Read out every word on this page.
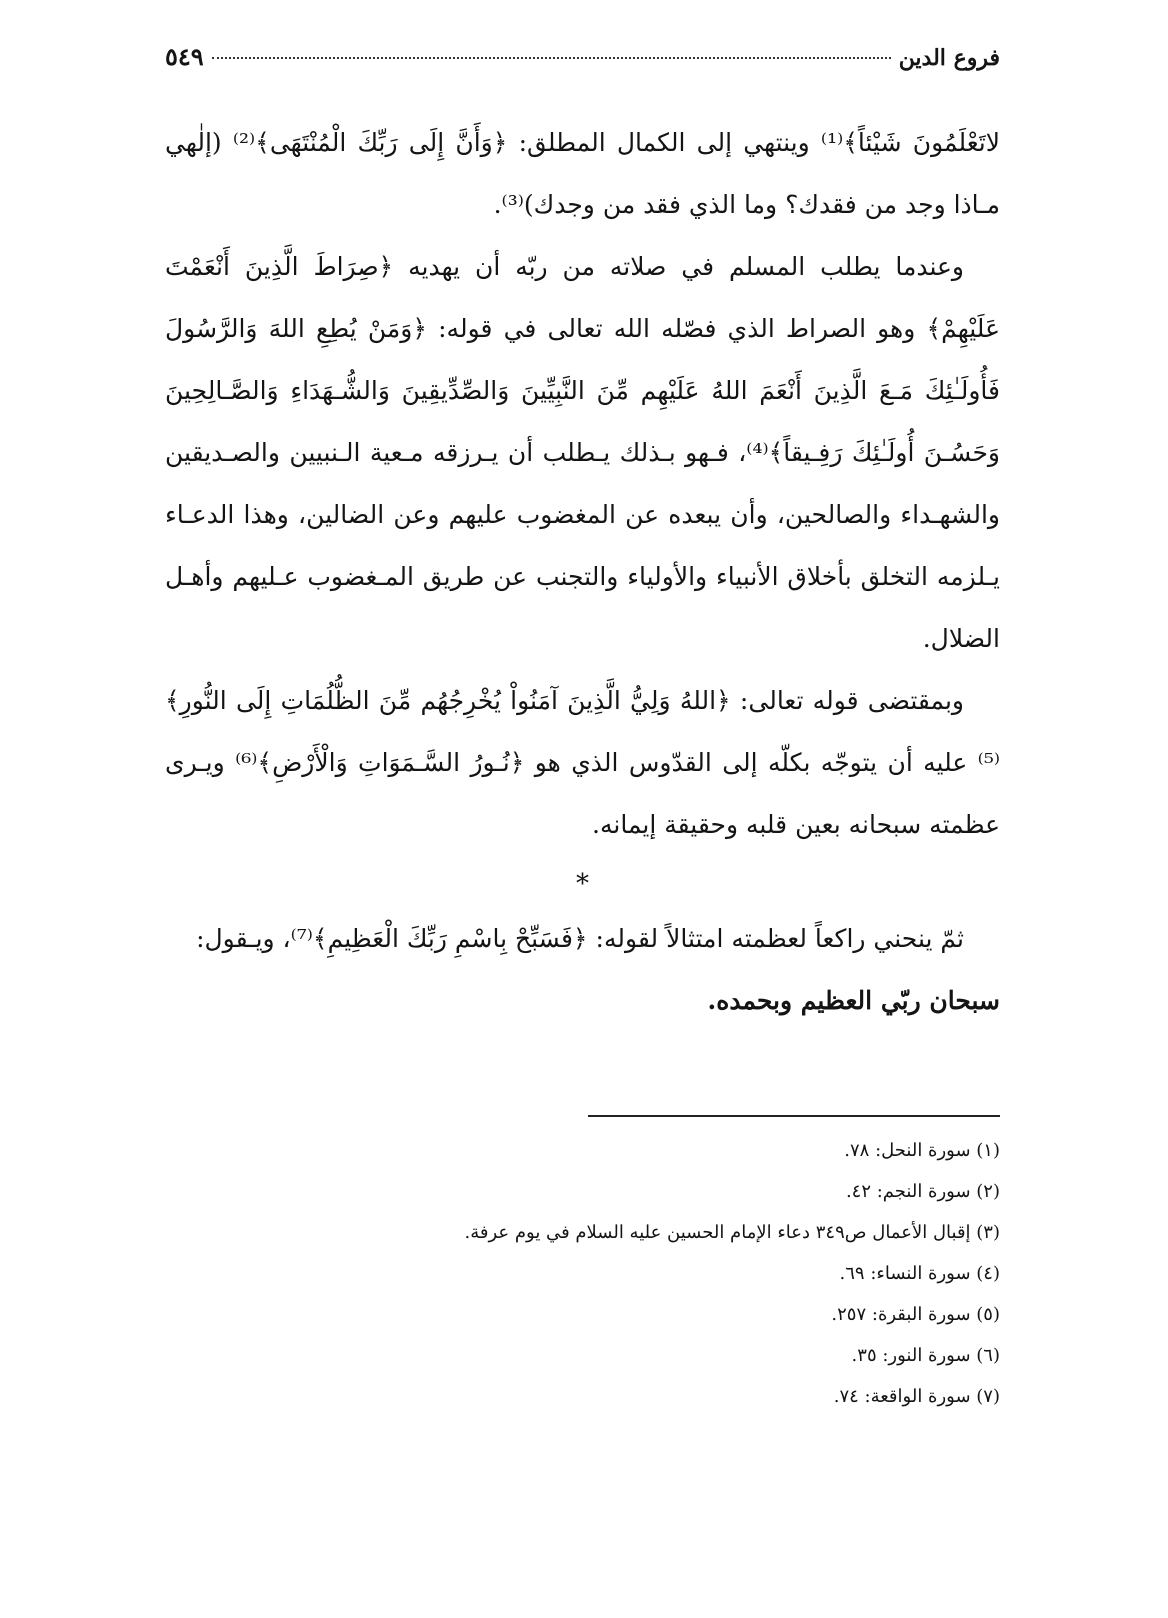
فروع الدين
٥٤٩

لاتَعْلَمُونَ شَيْئاً﴾⁽¹⁾ وينتهي إلى الكمال المطلق: ﴿وَأَنَّ إِلَى رَبِّكَ الْمُنْتَهَى﴾⁽²⁾ (إلٰهي مـاذا وجد من فقدك؟ وما الذي فقد من وجدك)⁽³⁾.

وعندما يطلب المسلم في صلاته من ربّه أن يهديه ﴿صِرَاطَ الَّذِينَ أَنْعَمْتَ عَلَيْهِمْ﴾ وهو الصراط الذي فصّله الله تعالى في قوله: ﴿وَمَنْ يُطِعِ اللهَ وَالرَّسُولَ فَأُولَـٰئِكَ مَـعَ الَّذِينَ أَنْعَمَ اللهُ عَلَيْهِم مِّنَ النَّبِيِّينَ وَالصِّدِّيقِينَ وَالشُّـهَدَاءِ وَالصَّـالِحِينَ وَحَسُـنَ أُولَـٰئِكَ رَفِـيقاً﴾⁽⁴⁾، فـهو بـذلك يـطلب أن يـرزقه مـعية الـنبيين والصـديقين والشهـداء والصالحين، وأن يبعده عن المغضوب عليهم وعن الضالين، وهذا الدعـاء يـلزمه التخلق بأخلاق الأنبياء والأولياء والتجنب عن طريق المـغضوب عـليهم وأهـل الضلال.

وبمقتضى قوله تعالى: ﴿اللهُ وَلِيُّ الَّذِينَ آمَنُواْ يُخْرِجُهُم مِّنَ الظُّلُمَاتِ إِلَى النُّورِ﴾⁽⁵⁾ عليه أن يتوجّه بكلّه إلى القدّوس الذي هو ﴿نُـورُ السَّـمَوَاتِ وَالْأَرْضِ﴾⁽⁶⁾ ويـرى عظمته سبحانه بعين قلبه وحقيقة إيمانه.

*

ثمّ ينحني راكعاً لعظمته امتثالاً لقوله: ﴿فَسَبِّحْ بِاسْمِ رَبِّكَ الْعَظِيمِ﴾⁽⁷⁾، ويـقول:

سبحان ربّي العظيم وبحمده.

(١) سورة النحل: ٧٨.

(٢) سورة النجم: ٤٢.

(٣) إقبال الأعمال ص٣٤٩ دعاء الإمام الحسين عليه السلام في يوم عرفة.

(٤) سورة النساء: ٦٩.

(٥) سورة البقرة: ٢٥٧.

(٦) سورة النور: ٣٥.

(٧) سورة الواقعة: ٧٤.
